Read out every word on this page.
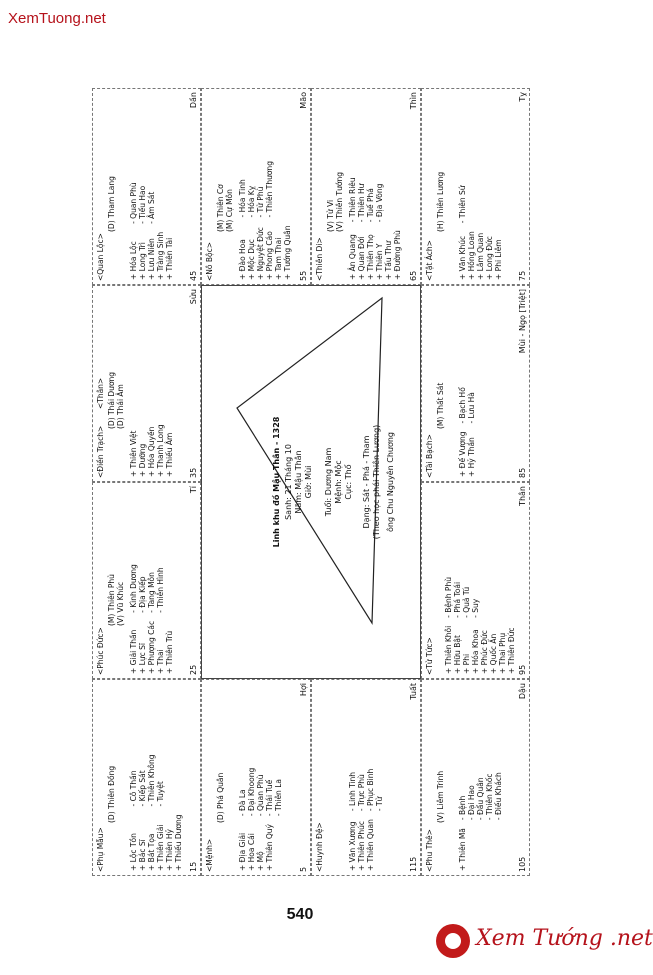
XemTuong.net
<Phụ Mẫu>
(D) Thiên Đồng
+ Lộc Tồn + Bác Sĩ + Bát Tọa + Thiên Giải + Thiên Hỷ + Thiếu Dương
- Cô Thần - Kiếp Sát - Thiên Không - Tuyệt
15
<Phúc Đức>
(M) Thiên Phủ
(V) Vũ Khúc
+ Giải Thần + Lực Sĩ + Phượng Các + Thai + Thiên Trù
- Kình Dương - Địa Kiếp - Tang Môn - Thiên Hình
25
Tí
<Điền Trạch>       <Thân>
(D) Thái Dương
(D) Thái Âm
+ Thiên Việt + Dưỡng + Hóa Quyền + Thanh Long + Thiếu Âm 35
Sửu
<Quan Lộc>
(D) Tham Lang
+ Hóa Lộc + Long Trì + Lưu Niên + Tràng Sinh + Thiên Tài
- Quan Phù - Tiểu Hao - Âm Sát
45
Dần
<Mệnh>
(D) Phá Quân
+ Địa Giải + Hoa Cái + Mộ + Thiên Quý
- Đà La - Đại Khoong - Quan Phù - Thái Tuế - Thiên La
5
Hợi
<Nô Bộc>
(M) Thiên Cơ
(M) Cự Môn
+ Đào Hoa + Mộc Dục + Nguyệt Đức + Phong Cáo + Tam Thai + Tướng Quân
- Hóa Tinh - Hóa Kỵ - Tử Phù - Thiên Thương
55
Mão
<Huynh Đệ>	+ Văn Xương + Thiên Phúc + Thiên Quan
- Linh Tinh - Trực Phù - Phục Binh - Tử
115
Tuất
<Thiên Di>
(V) Tử Vi
(V) Thiên Tướng
+ Ân Quang + Quan Đới + Thiên Thọ + Thiên Y + Tấu Thư + Đường Phù
- Thiên Riêu - Thiên Hư - Tuế Phá - Địa Võng
65
Thìn
<Phu Thê>
(V) Liêm Trinh
+ Thiên Mã
- Bệnh - Đại Hao - Đẩu Quân - Thiên Khốc - Điếu Khách
105
Dậu
<Tử Tức> + Thiên Khôi + Hữu Bật + Phi + Hóa Khoa + Phúc Đức + Quốc Ấn + Thai Phụ + Thiên Đức
- Bệnh Phù - Phá Toái - Quả Tú - Suy
95
Thân
<Tài Bạch>
(M) Thất Sát
+ Đế Vượng + Hỷ Thần
- Bạch Hổ - Lưu Hà
85
Mùi - Ngọ [Triệt]
<Tật Ách>
(H) Thiên Lương
+ Văn Khúc + Hồng Loan + Lâm Quan + Long Đức + Phi Liêm
- Thiên Sứ
75
Tỵ
Linh khu đồ Mậu Thân - 1328 Sanh: 21 Tháng 10 Năm: Mậu Thân Giờ: Mùi Tuổi: Dương Nam Mệnh: Mộc Cục: Thổ Dạng: Sát - Phá - Tham (Theo học phái Thiên Lương) ông Chu Nguyên Chương
540
Xem Tướng .net
